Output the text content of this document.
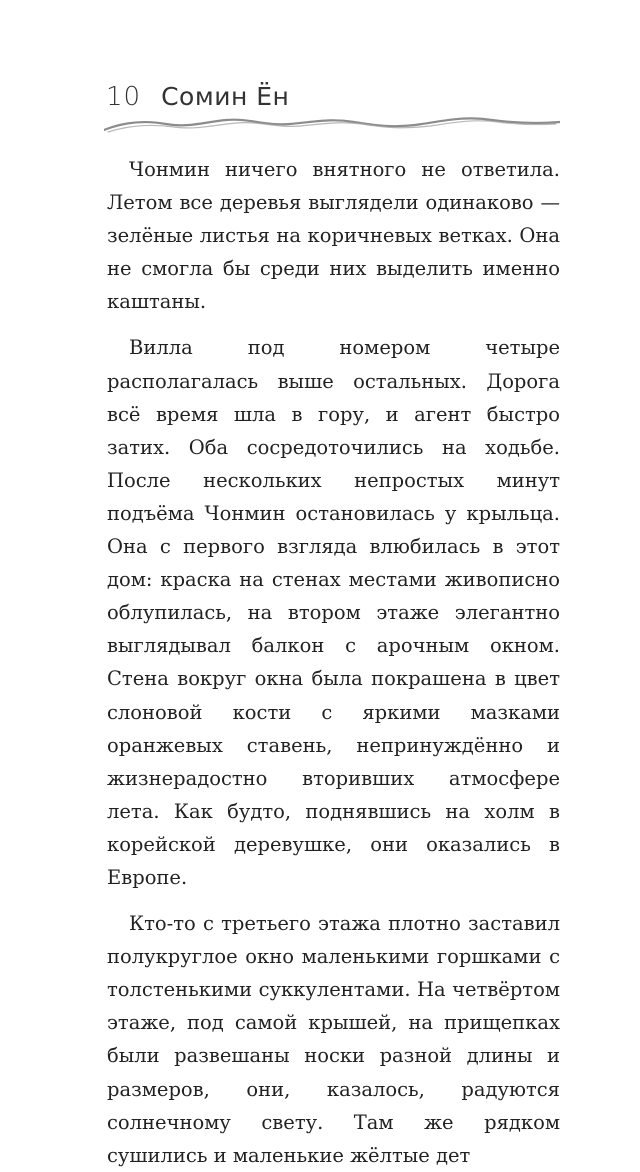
10 Сомин Ён

Чонмин ничего внятного не ответила. Летом все деревья выглядели одинаково — зелёные листья на коричневых ветках. Она не смогла бы среди них выделить именно каштаны.

Вилла под номером четыре располагалась выше остальных. Дорога всё время шла в гору, и агент быстро затих. Оба сосредоточились на ходьбе. После нескольких непростых минут подъёма Чонмин остановилась у крыльца. Она с первого взгляда влюбилась в этот дом: краска на стенах местами живописно облупилась, на втором этаже элегантно выглядывал балкон с арочным окном. Стена вокруг окна была покрашена в цвет слоновой кости с яркими мазками оранжевых ставень, непринуждённо и жизнерадостно вторивших атмосфере лета. Как будто, поднявшись на холм в корейской деревушке, они оказались в Европе.

Кто-то с третьего этажа плотно заставил полукруглое окно маленькими горшками с толстенькими суккулентами. На четвёртом этаже, под самой крышей, на прищепках были развешаны носки разной длины и размеров, они, казалось, радуются солнечному свету. Там же рядком сушились и маленькие жёлтые дет
